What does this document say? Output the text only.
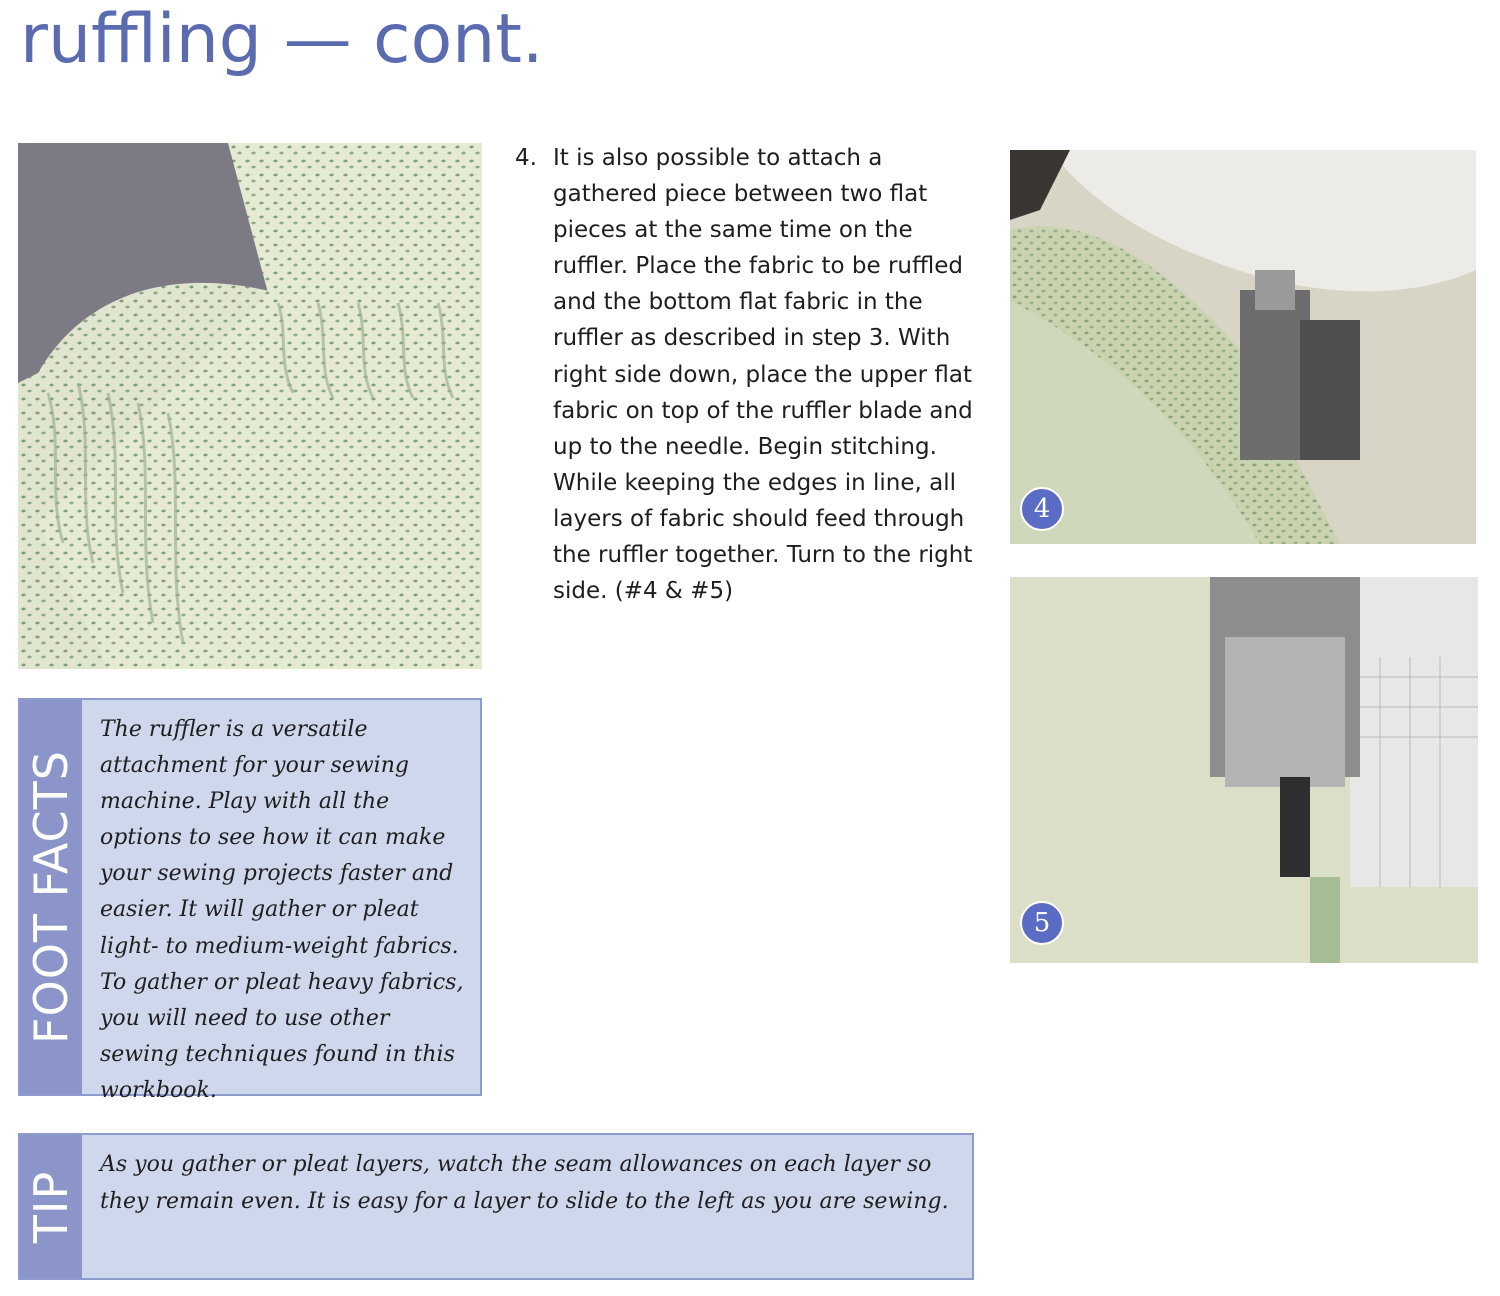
ruffling — cont.
4. It is also possible to attach a gathered piece between two flat pieces at the same time on the ruffler. Place the fabric to be ruffled and the bottom flat fabric in the ruffler as described in step 3. With right side down, place the upper flat fabric on top of the ruffler blade and up to the needle. Begin stitching. While keeping the edges in line, all layers of fabric should feed through the ruffler together. Turn to the right side. (#4 & #5)
4
5
FOOT FACTS
The ruffler is a versatile attachment for your sewing machine. Play with all the options to see how it can make your sewing projects faster and easier. It will gather or pleat light- to medium-weight fabrics. To gather or pleat heavy fabrics, you will need to use other sewing techniques found in this workbook.
TIP
As you gather or pleat layers, watch the seam allowances on each layer so they remain even. It is easy for a layer to slide to the left as you are sewing.
